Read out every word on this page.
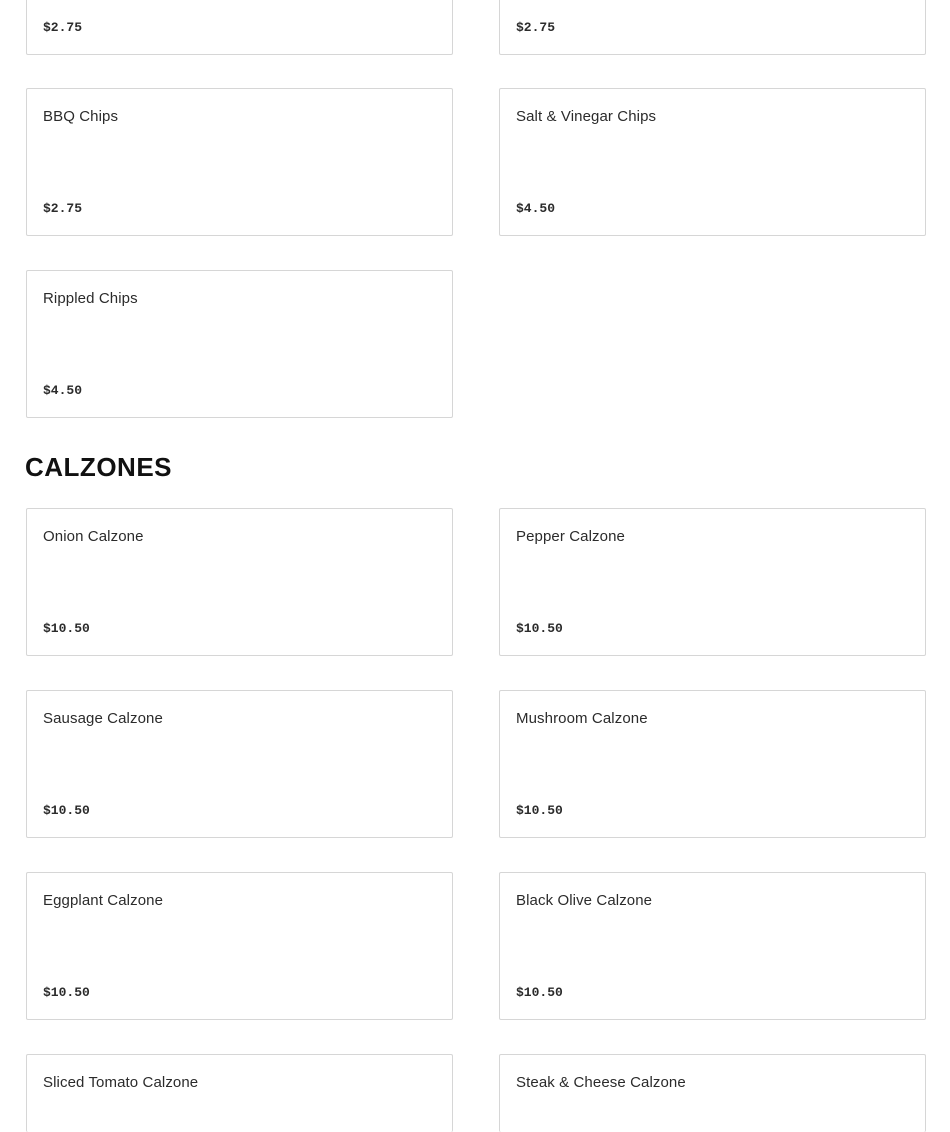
$2.75	$2.75
BBQ Chips
$2.75
Salt & Vinegar Chips
$4.50
Rippled Chips
$4.50
CALZONES
Onion Calzone
$10.50
Pepper Calzone
$10.50
Sausage Calzone
$10.50
Mushroom Calzone
$10.50
Eggplant Calzone
$10.50
Black Olive Calzone
$10.50
Sliced Tomato Calzone	Steak & Cheese Calzone
